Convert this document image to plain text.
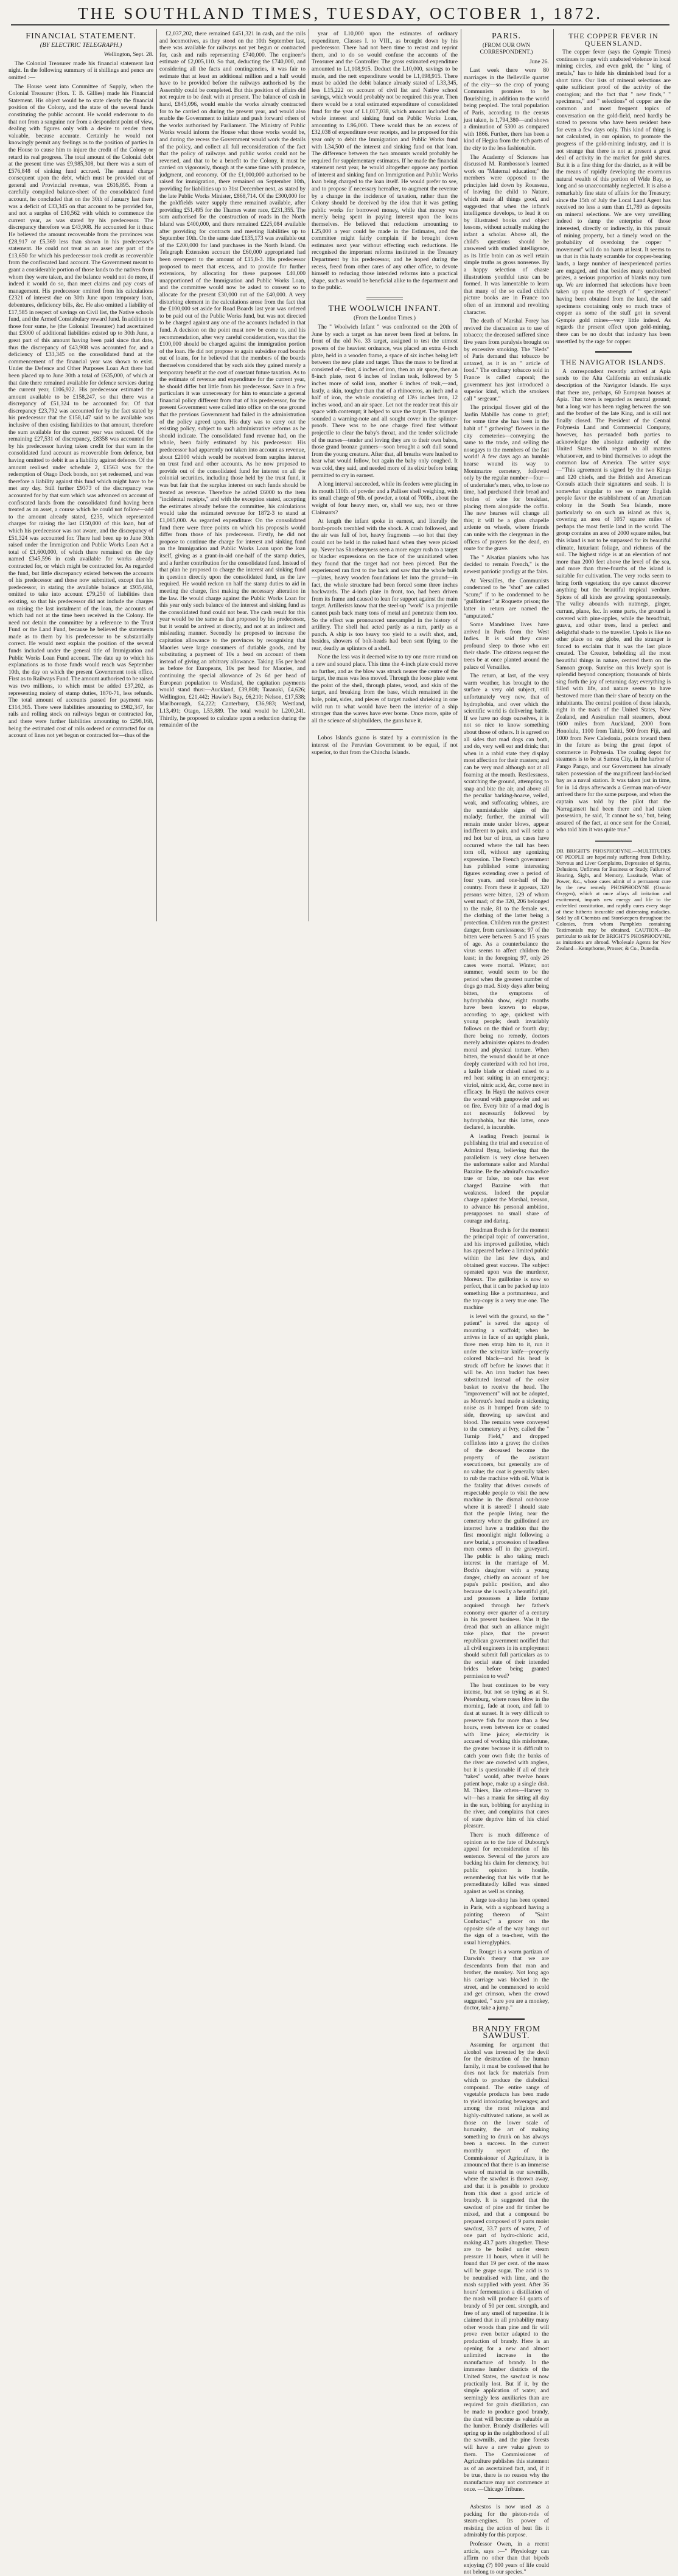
THE SOUTHLAND TIMES, TUESDAY, OCTOBER 1, 1872.
FINANCIAL STATEMENT.
(BY ELECTRIC TELEGRAPH.)
Wellington, Sept. 28.

The Colonial Treasurer made his financial statement last night. In the following summary of it shillings and pence are omitted :—

The House went into Committee of Supply, when the Colonial Treasurer (Hon. T. B. Gillies) made his Financial Statement. His object would be to state clearly the financial position of the Colony, and the state of the several funds constituting the public account. He would endeavour to do that not from a sanguine nor from a despondent point of view, dealing with figures only with a desire to render them valuable, because accurate. Certainly he would not knowingly permit any feelings as to the position of parties in the House to cause him to injure the credit of the Colony or retard its real progress. The total amount of the Colonial debt at the present time was £9,985,308, but there was a sum of £576,848 of sinking fund accrued. The annual charge consequent upon the debt, which must be provided out of general and Provincial revenue, was £616,895. From a carefully compiled balance-sheet of the consolidated fund account, he concluded that on the 30th of January last there was a deficit of £33,345 on that account to be provided for, and not a surplus of £10,562 with which to commence the current year, as was stated by his predecessor. The discrepancy therefore was £43,908. He accounted for it thus: He believed the amount recoverable from the provinces was £28,917 or £5,369 less than shown in his predecessor's statement. He could not treat as an asset any part of the £13,650 for which his predecessor took credit as recoverable from the confiscated land account. The Government meant to grant a considerable portion of those lands to the natives from whom they were taken, and the balance would not do more, if indeed it would do so, than meet claims and pay costs of management. His predecessor omitted from his calculations £2321 of interest due on 30th June upon temporary loan, debentures, deficiency bills, &c. He also omitted a liability of £17,585 in respect of savings on Civil list, the Native schools fund, and the Armed Constabulary reward fund. In addition to those four sums, he (the Colonial Treasurer) had ascertained that £3000 of additional liabilities existed up to 30th June, a great part of this amount having been paid since that date, thus the discrepancy of £43,908 was accounted for, and a deficiency of £33,345 on the consolidated fund at the commencement of the financial year was shown to exist. Under the Defence and Other Purposes Loan Act there had been placed up to June 30th a total of £635,000, of which at that date there remained available for defence services during the current year, £106,922. His predecessor estimated the amount available to be £158,247, so that there was a discrepancy of £51,324 to be accounted for. Of that discrepancy £23,792 was accounted for by the fact stated by his predecessor that the £158,147 said to be available was inclusive of then existing liabilities to that amount, therefore the sum available for the current year was reduced. Of the remaining £27,531 of discrepancy, £8358 was accounted for by his predecessor having taken credit for that sum in the consolidated fund account as recoverable from defence, but having omitted to debit it as a liability against defence. Of the amount realised under schedule 2, £1563 was for the redemption of Otago Dock bonds, not yet redeemed, and was therefore a liability against this fund which might have to be met any day. Still further £9373 of the discrepancy was accounted for by that sum which was advanced on account of confiscated lands from the consolidated fund having been treated as an asset, a course which he could not follow—add to the amount already stated, £235, which represented charges for raising the last £150,000 of this loan, but of which his predecessor was not aware, and the discrepancy of £51,324 was accounted for. There had been up to June 30th raised under the Immigration and Public Works Loan Act a total of £1,600,000, of which there remained on the day named £345,596 in cash available for works already contracted for, or which might be contracted for. As regarded the fund, but little discrepancy existed between the accounts of his predecessor and those now submitted, except that his predecessor, in stating the available balance at £935,684, omitted to take into account £79,250 of liabilities then existing, so that his predecessor did not include the charges on raising the last instalment of the loan, the accounts of which had not at the time been received in the Colony. He need not detain the committee by a reference to the Trust Fund or the Land Fund, because he believed the statements made as to them by his predecessor to be substantially correct. He would next explain the position of the several funds included under the general title of Immigration and Public Works Loan Fund account. The date up to which his explanations as to those funds would reach was September 10th, the day on which the present Government took office. First as to Railways Fund. The amount authorised to be raised was two millions, to which must be added £37,202, as representing moiety of stamp duties, 1870-71, less refunds. The total amount of accounts passed for payment was £314,365. There were liabilities amounting to £982,347, for rails and rolling stock on railways begun or contracted for, and there were further liabilities amounting to £298,168, being the estimated cost of rails ordered or contracted for on account of lines not yet begun or contracted for—thus of the

£2,037,202, there remained £451,321 in cash, and the rails and locomotives, as they stood on the 10th September last, there was available for railways not yet begun or contracted for, cash and rails representing £740,000. The engineer's estimate of £2,005,110. So that, deducting the £740,000, and considering all the facts and contingencies, it was fair to estimate that at least an additional million and a half would have to be provided before the railways authorised by the Assembly could be completed. But this position of affairs did not require to be dealt with at present. The balance of cash in hand, £845,096, would enable the works already contracted for to be carried on during the present year, and would also enable the Government to initiate and push forward others of the works authorised by Parliament. The Ministry of Public Works would inform the House what those works would be, and during the recess the Government would work the details of the policy, and collect all full reconsideration of the fact that the policy of railways and public works could not be reversed, and that to be a benefit to the Colony, it must be carried on vigorously, though at the same time with prudence, judgment, and economy. Of the £1,000,000 authorised to be raised for immigration, there remained on September 10th, providing for liabilities up to 31st December next, as stated by the late Public Works Minister, £868,714. Of the £300,000 for the goldfields water supply there remained available, after providing £51,495 for the Thames water race, £231,355. The sum authorised for the construction of roads in the North Island was £400,000, and there remained £225,084 available after providing for contracts and meeting liabilities up to September 10th. On the same date £135,173 was available out of the £200,000 for land purchases in the North Island. On Telegraph Extension account the £60,000 appropriated had been overspent to the amount of £15,8-3. His predecessor proposed to meet that excess, and to provide for further extensions, by allocating for these purposes £40,000 unapportioned of the Immigration and Public Works Loan, and the committee would now be asked to consent so to allocate for the present £30,000 out of the £40,000. A very disturbing element in the calculations arose from the fact that the £100,000 set aside for Road Boards last year was ordered to be paid out of the Public Works fund, but was not directed to be charged against any one of the accounts included in that fund. A decision on the point must now be come to, and his recommendation, after very careful consideration, was that the £100,000 should be charged against the immigration portion of the loan. He did not propose to again subsidise road boards out of loans, for he believed that the members of the boards themselves considered that by such aids they gained merely a temporary benefit at the cost of constant future taxation. As to the estimate of revenue and expenditure for the current year, he should differ but little from his predecessor. Save in a few particulars it was unnecessary for him to enunciate a general financial policy different from that of his predecessor, for the present Government were called into office on the one ground that the previous Government had failed in the administration of the policy agreed upon. His duty was to carry out the existing policy, subject to such administrative reforms as he should indicate. The consolidated fund revenue had, on the whole, been fairly estimated by his predecessor. His predecessor had apparently not taken into account as revenue, about £2000 which would be received from surplus interest on trust fund and other accounts. As he now proposed to provide out of the consolidated fund for interest on all the colonial securities, including those held by the trust fund, it was but fair that the surplus interest on such funds should be treated as revenue. Therefore he added £6000 to the item "incidental receipts," and with the exception stated, accepting the estimates already before the committee, his calculations would take the estimated revenue for 1872-3 to stand at £1,085,000. As regarded expenditure: On the consolidated fund there were three points on which his proposals would differ from those of his predecessor. Firstly, he did not propose to continue the charge for interest and sinking fund on the Immigration and Public Works Loan upon the loan itself, giving as a grant-in-aid one-half of the stamp duties, and a further contribution for the consolidated fund. Instead of that plan he proposed to charge the interest and sinking fund in question directly upon the consolidated fund, as the law required. He would reckon on half the stamp duties to aid in meeting the charge, first making the necessary alteration in the law. He would charge against the Public Works Loan for this year only such balance of the interest and sinking fund as the consolidated fund could not bear. The cash result for this year would be the same as that proposed by his predecessor, but it would be arrived at directly, and not at an indirect and misleading manner. Secondly he proposed to increase the capitation allowance to the provinces by recognising that Maories were large consumers of dutiable goods, and by substituting a payment of 10s a head on account of them instead of giving an arbitrary allowance. Taking 15s per head as before for Europeans, 10s per head for Maories, and continuing the special allowance of 2s 6d per head of European population to Westland, the capitation payments would stand thus:—Auckland, £39,808; Taranaki, £4,626; Wellington, £21,442; Hawke's Bay, £6,210; Nelson, £17,538; Marlborough, £4,222; Canterbury, £36,983; Westland, L13,491; Otago, L53,889. The total would be L200,241. Thirdly, he proposed to calculate upon a reduction during the remainder of the

year of L10,000 upon the estimates of ordinary expenditure, Classes I. to VIII., as brought down by his predecessor. There had not been time to recast and reprint them, and to do so would confuse the accounts of the Treasurer and the Controller. The gross estimated expenditure amounted to L1,108,915. Deduct the L10,000, savings to be made, and the nett expenditure would be L1,098,915. There must be added the debit balance already stated of L33,345, less L15,222 on account of civil list and Native school savings, which would probably not be required this year. Then there would be a total estimated expenditure of consolidated fund for the year of L1,017,038, which amount included the whole interest and sinking fund on Public Works Loan, amounting to L96,000. There would thus be an excess of £32,038 of expenditure over receipts, and he proposed for this year only to debit the Immigration and Public Works fund with L34,500 of the interest and sinking fund on that loan. The difference between the two amounts would probably be required for supplementary estimates. If he made the financial statement next year, he would altogether oppose any portion of interest and sinking fund on Immigration and Public Works loan being charged to the loan itself. He would prefer to see, and to propose if necessary hereafter, to augment the revenue by a change in the incidence of taxation, rather than the Colony should be deceived by the idea that it was getting public works for borrowed money, while that money was merely being spent in paying interest upon the loans themselves. He believed that reductions amounting to L25,000 a year could be made in the Estimates, and the committee might fairly complain if he brought down estimates next year without effecting such reductions. He recognised the important reforms instituted in the Treasury Department by his predecessor, and he hoped during the recess, freed from other cares of any other office, to devote himself to reducing those intended reforms into a practical shape, such as would be beneficial alike to the department and to the public.

THE WOOLWICH INFANT.
(From the London Times.)

The " Woolwich Infant " was confronted on the 20th of June by such a target as has never been fired at before. In front of the old No. 33 target, assigned to test the utmost powers of the heaviest ordnance, was placed an extra 4-inch plate, held in a wooden frame, a space of six inches being left between the new plate and target. Thus the mass to be fired at consisted of—first, 4 inches of iron, then an air space, then an 8-inch plate, next 6 inches of Indian teak, followed by 5 inches more of solid iron, another 6 inches of teak,—and, lastly, a skin, tougher than that of a rhinoceros, an inch and a half of iron, the whole consisting of 13½ inches iron, 12 inches wood, and an air space. Let not the reader treat this air space with contempt; it helped to save the target. The trumpet sounded a warning-note and all sought cover in the splinter-proofs. There was to be one charge fired first without projectile to clear the baby's throat, and the tender solicitude of the nurses—tender and loving they are to their own babes, those grand bronze gunners—soon brought a soft dull sound from the young creature. After that, all breaths were hushed to hear what would follow, but again the baby only coughed. It was cold, they said, and needed more of its elixir before being permitted to cry in earnest.

A long interval succeeded, while its feeders were placing in its mouth 110lb. of powder and a Palliser shell weighing, with its small charge of 9lb. of powder, a total of 700lb., about the weight of four heavy men, or, shall we say, two or three Claimants?

At length the infant spoke in earnest, and literally the bomb-proofs trembled with the shock. A crash followed, and the air was full of hot, heavy fragments —so hot that they could not be held in the naked hand when they were picked up. Never has Shoeburyness seen a more eager rush to a target or blacker expressions on the face of the uninitiated when they found that the target had not been pierced. But the experienced ran first to the back and saw that the whole bulk—plates, heavy wooden foundations let into the ground—in fact, the whole structure had been forced some three inches backwards. The 4-inch plate in front, too, had been driven from its frame and caused to lean for support against the main target. Artillerists know that the steel-up "work" is a projectile cannot push back many tons of metal and penetrate them too. So the effect was pronounced unexampled in the history of artillery. The shell had acted partly as a ram, partly as a punch. A ship is too heavy too yield to a swift shot, and, besides, showers of bolt-heads had been sent flying to the rear, deadly as splinters of a shell.

None the less was it deemed wise to try one more round on a new and sound place. This time the 4-inch plate could move no further, and as the blow was struck nearer the centre of the target, the mass was less moved. Through the loose plate went the point of the shell, through plates, wood, and skin of the target, and breaking from the base, which remained in the hole, point, sides, and pieces of target rushed shrieking in one wild run to what would have been the interior of a ship stronger than the waves have ever borne. Once more, spite of all the science of shipbuilders, the guns have it.

Lobos Islands guano is stated by a commission in the interest of the Peruvian Government to be equal, if not superior, to that from the Chincha Islands.

PARIS.
(FROM OUR OWN CORRESPONDENT.)
June 26.

Last week there were 80 marriages in the Belleville quarter of the city—so the crop of young Communists promises to be flourishing, in addition to the world being peopled. The total population of Paris, according to the census just taken, is 1,794,380—and shows a diminution of 5300 as compared with 1866. Further, there has been a kind of Hegira from the rich parts of the city to the less fashionable.

The Academy of Sciences has discussed M. Rambosson's learned work on "Maternal education;" the members were opposed to the principles laid down by Rousseau, of leaving the child to Nature, which made all things good, and suggested that when the infant's intelligence develops, to lead it on by illustrated books and object lessons, without actually making the infant a scholar. Above all, the child's questions should be answered with studied intelligence, as its little brain can as well retain simple truths as gross nonsense. By a happy selection of chaste illustrations youthful taste can be formed. It was lamentable to learn that many of the so called child's picture books are in France too often of an immoral and revolting character.

The death of Marshal Forey has revived the discussion as to use of tobacco; the deceased suffered since five years from paralysis brought on by excessive smoking. The "Reds" of Paris demand that tobacco be untaxed, as it is an " article of food." The ordinary tobacco sold in France is called caporal; the government has just introduced a superior kind, which the smokers call " sergeant."

The principal flower girl of the Jardin Mabille has come to grief; for some time she has been in the habit of " gathering" flowers in the city cemeteries—conveying the same to the trade, and selling the nosegays to the members of the fast world! A few days ago an humble hearse wound its way to Montmartre cemetery, followed only by the regular number—four—of undertaker's men, who, to lose no time, had purchased their bread and bottles of wine for breakfast, placing them alongside the coffin. The new hearses will change all this; it will be a glass chapelle ardente on wheels, where friends can unite with the clergyman in the offices of prayers for the dead, en route for the grave.

The " Alsatian pianists who has decided to remain French," is the newest patriotic prodigy at the fairs.

At Versailles, the Communists condemned to be "shot" are called "scum;" if to be condemned to be "guillotined" at Roquette prison; the latter in return are named the "amputated."

Some Mandrinez lives have arrived in Paris from the West Indies. It is said they cause profound sleep to those who eat their shade. The citizens request the trees be at once planted around the palace of Versailles.

The return, at last, of the very warm weather, has brought to the surface a very old subject, still unfortunately very new, that of hydrophobia, and over which the scientific world is delivering battle. If we have no dogs ourselves, it is not so nice to know something about those of others. It is agreed on all sides that mad dogs can both, and do, very well eat and drink; that when in a rabid state they display most affection for their masters; and can be very mad although not at all foaming at the mouth. Restlessness, scratching the ground, attempting to snap and bite the air, and above all the peculiar barking-hoarse, veiled, weak, and suffocating whines, are the unmistakable signs of the malady; further, the animal will remain mute under blows, appear indifferent to pain, and will seize a red hot bar of iron, as cases have occurred where the tail has been torn off, without any agonizing expression. The French government has published some interesting figures extending over a period of four years, and one-half of the country. From these it appears, 320 persons were bitten, 129 of whom went mad; of the 320, 206 belonged to the male, 81 to the female sex, the clothing of the latter being a protection. Children run the greatest danger, from carelessness; 97 of the bitten were between 5 and 15 years of age. As a counterbalance the virus seems to affect children the least; in the foregoing 97, only 26 cases were mortal. Winter, not summer, would seem to be the period when the greatest number of dogs go mad. Sixty days after being bitten, the symptoms of hydrophobia show, eight months have been known to elapse, according to age, quickest with young people; death invariably follows on the third or fourth day; there being no remedy, doctors merely administer opiates to deaden moral and physical torture. When bitten, the wound should be at once deeply cauterized with red hot iron, a knife blade or chisel raised to a red heat suiting in an emergency; vitriol, nitric acid, &c, come next in efficacy. In Hayti the natives cover the wound with gunpowder and set on fire. Every bite of a mad dog is not necessarily followed by hydrophobia, but this latter, once declared, is incurable.

A leading French journal is publishing the trial and execution of Admiral Byng, believing that the parallelism is very close between the unfortunate sailor and Marshal Bazaine. Be the admiral's cowardice true or false, no one has ever charged Bazaine with that weakness. Indeed the popular charge against the Marshal, treason, to advance his personal ambition, presupposes no small share of courage and daring.

Headman Boch is for the moment the principal topic of conversation, and his improved guillotine, which has appeared before a limited public within the last few days, and obtained great success. The subject operated upon was the murderer, Moreux. The guillotine is now so perfect, that it can be packed up into something like a portmanteau, and the toy-copy is a very true one. The machine

is level with the ground, so the " patient" is saved the agony of mounting a scaffold; when he arrives in face of an upright plank, three men strap him to it, run it under the scimitar knife—properly colored black—and his head is struck off before he knows that it will be. An iron bucket has been substituted instead of the osier basket to receive the head. The "improvement" will not be adopted, as Moreux's head made a sickening noise as it bumped from side to side, throwing up sawdust and blood. The remains were conveyed to the cemetery at Ivry, called the " Turnip Field," and dropped coffinless into a grave; the clothes of the deceased become the property of the assistant executioners, but generally are of no value; the coat is generally taken to rub the machine with oil. What is the fatality that drives crowds of respectable people to visit the new machine in the dismal out-house where it is stored? I should state that the people living near the cemetery where the guillotined are interred have a tradition that the first moonlight night following a new burial, a procession of headless men comes off in the graveyard. The public is also taking much interest in the marriage of M. Boch's daughter with a young danger, chiefly on account of her papa's public position, and also because she is really a beautiful girl, and possesses a little fortune acquired through her father's economy over quarter of a century in his present business. Was it the dread that such an alliance might take place, that the present republican government notified that all civil engineers in its employment should submit full particulars as to the social state of their intended brides before being granted permission to wed?

The heat continues to be very intense, but not so trying as at St. Petersburg, where roses blow in the morning, fade at noon, and fall to dust at sunset. It is very difficult to preserve fish for more than a few hours, even between ice or coated with lime juice; electricity is accused of working this misfortune, the greater because it is difficult to catch your own fish; the banks of the river are crowded with anglers, but it is questionable if all of their "takes" would, after twelve hours patient hope, make up a single dish. M. Thiers, like others—Harvey to wit—has a mania for sitting all day in the sun, bobbing for anything in the river, and complains that cares of state deprive him of his chief pleasure.

There is much difference of opinion as to the fate of Dubourg's appeal for reconsideration of his sentence. Several of the jurors are backing his claim for clemency, but public opinion is hostile, remembering that his wife that he premeditatedly killed was sinned against as well as sinning.

A large tea-shop has been opened in Paris, with a signboard having a painting thereon of "Saint Confucius;" a grocer on the opposite side of the way hangs out the sign of a tea-chest, with the usual hieroglyphics.

Dr. Rouget is a warm partizan of Darwin's theory that we are descendants from that man and brother, the monkey. Not long ago his carriage was blocked in the street, and he commenced to scold and get crimson, when the crowd suggested, " sure you are a monkey, doctor, take a jump."

BRANDY FROM SAWDUST.

Assuming for argument that alcohol was invented by the devil for the destruction of the human family, it must be confessed that he does not lack for materials from which to produce the diabolical compound. The entire range of vegetable products has been made to yield intoxicating beverages; and among the most religious and highly-cultivated nations, as well as those on the lower scale of humanity, the art of making something to drunk on has always been a success. In the current monthly report of the Commissioner of Agriculture, it is announced that there is an immense waste of material in our sawmills, where the sawdust is thrown away, and that it is possible to produce from this dust a good article of brandy. It is suggested that the sawdust of pine and fir timber be mixed, and that a compound be prepared composed of 9 parts moist sawdust, 33.7 parts of water, 7 of one part of hydro-chloric acid, making 43.7 parts altogether. These are to be boiled under steam pressure 11 hours, when it will be found that 19 per cent. of the mass will be grape sugar. The acid is to be neutralised with lime, and the mash supplied with yeast. After 36 hours' fermentation a distillation of the mash will produce 61 quarts of brandy of 50 per cent. strength, and free of any smell of turpentine. It is claimed that in all probability many other woods than pine and fir will prove even better adapted to the production of brandy. Here is an opening for a new and almost unlimited increase in the manufacture of brandy. In the immense lumber districts of the United States, the sawdust is now practically lost. But if it, by the simple application of water, and seemingly less auxiliaries than are required for grain distillation, can be made to produce good brandy, the dust will become as valuable as the lumber. Brandy distilleries will spring up in the neighborhood of all the sawmills, and the pine forests will have a new value given to them. The Commissioner of Agriculture publishes this statement as of an ascertained fact, and, if it be true, there is no reason why the manufacture may not commence at once. —Chicago Tribune.

Asbestos is now used as a packing for the piston-rods of steam-engines. Its power of resisting the action of heat fits it admirably for this purpose.

Professor Owen, in a recent article, says :—" Physiology can affirm no other than that bipeds enjoying (?) 800 years of life could not belong to our species."

THE COPPER FEVER IN QUEENSLAND.

The copper fever (says the Gympie Times) continues to rage with unabated violence in local mining circles, and even gold, the " king of metals," has to hide his diminished head for a short time. Our lists of mineral selections are quite sufficient proof of the activity of the contagion; and the fact that " new finds," " specimens," and " selections" of copper are the common and most frequent topics of conversation on the gold-field, need hardly be stated to persons who have been resident here for even a few days only. This kind of thing is not calculated, in our opinion, to promote the progress of the gold-mining industry, and it is not strange that there is not at present a great deal of activity in the market for gold shares. But it is a fine thing for the district, as it will be the means of rapidly developing the enormous natural wealth of this portion of Wide Bay, so long and so unaccountably neglected. It is also a remarkably fine state of affairs for the Treasury; since the 15th of July the Local Land Agent has received no less a sum than £1,789 as deposits on mineral selections. We are very unwilling indeed to damp the enterprise of those interested, directly or indirectly, in this pursuit of mining property, but a timely word on the probability of overdoing the copper " movement" will do no harm at least. It seems to us that in this hasty scramble for copper-bearing lands, a large number of inexperienced parties are engaged, and that besides many undoubted prizes, a serious proportion of blanks may turn up. We are informed that selections have been taken up upon the strength of " specimens" having been obtained from the land, the said specimens containing only so much trace of copper as some of the stuff got in several Gympie gold mines—very little indeed. As regards the present effect upon gold-mining, there can be no doubt that industry has been unsettled by the rage for copper.

THE NAVIGATOR ISLANDS.

A correspondent recently arrived at Apia sends to the Alta California an enthusiastic description of the Navigator Islands. He says that there are, perhaps, 60 European houses at Apia. That town is regarded as neutral ground; but a long war has been raging between the son and the brother of the late King, and is still not finally closed. The President of the Central Polynesia Land and Commercial Company, however, has persuaded both parties to acknowledge the absolute authority of the United States with regard to all matters whatsoever, and to bind themselves to adopt the common law of America. The writer says:—"This agreement is signed by the two Kings and 120 chiefs, and the British and American Consuls attach their signatures and seals. It is somewhat singular to see so many English people favor the establishment of an American colony in the South Sea Islands, more particularly so on such an island as this is, covering an area of 1057 square miles of perhaps the most fertile land in the world. The group contains an area of 2000 square miles, but this island is not to be surpassed for its beautiful climate, luxuriant foliage, and richness of the soil. The highest ridge is at an elevation of not more than 2000 feet above the level of the sea, and more than three-fourths of the island is suitable for cultivation. The very rocks seem to bring forth vegetation; the eye cannot discover anything but the beautiful tropical verdure. Spices of all kinds are growing spontaneously. The valley abounds with nutmegs, ginger, currant, plane, &c. In some parts, the ground is covered with pine-apples, while the breadfruit, guava, and other trees, lend a perfect and delightful shade to the traveller. Upolo is like no other place on our globe, and the stranger is forced to exclaim that it was the last place created. The Creator, beholding all the most beautiful things in nature, centred them on the Samoan group. Sunrise on this lovely spot is splendid beyond conception; thousands of birds sing forth the joy of returning day; everything is filled with life, and nature seems to have bestowed more than their share of beauty on the inhabitants. The central position of these islands, right in the track of the United States, New Zealand, and Australian mail steamers, about 1600 miles from Auckland, 2000 from Honolulu, 1100 from Tahiti, 500 from Fiji, and 1000 from New Caledonia, points toward them in the future as being the great depot of commerce in Polynesia. The coaling depot for steamers is to be at Samoa City, in the harbor of Pango Pango, and our Government has already taken possession of the magnificent land-locked bay as a naval station. It was taken just in time, for in 14 days afterwards a German man-of-war arrived there for the same purpose, and when the captain was told by the pilot that the Narragansett had been there and had taken possession, he said, 'It cannot be so,' but, being assured of the fact, at once sent for the Consul, who told him it was quite true."

DR BRIGHT'S PHOSPHODYNE.—MULTITUDES OF PEOPLE are hopelessly suffering from Debility, Nervous and Liver Complaints, Depression of Spirits, Delusions, Unfitness for Business or Study, Failure of Hearing, Sight, and Memory, Lassitude, Want of Power, &c., whose cases admit of a permanent cure by the new remedy PHOSPHODYNE (Ozonic Oxygen), which at once allays all irritation and excitement, imparts new energy and life to the enfeebled constitution, and rapidly cures every stage of these hitherto incurable and distressing maladies. Sold by all Chemists and Storekeepers throughout the Colonies, from whom Pamphlets containing Testimonials may be obtained. CAUTION.—Be particular to ask for Dr BRIGHT'S PHOSPHODYNE, as imitations are abroad. Wholesale Agents for New Zealand—Kempthorne, Prosser, & Co., Dunedin.
